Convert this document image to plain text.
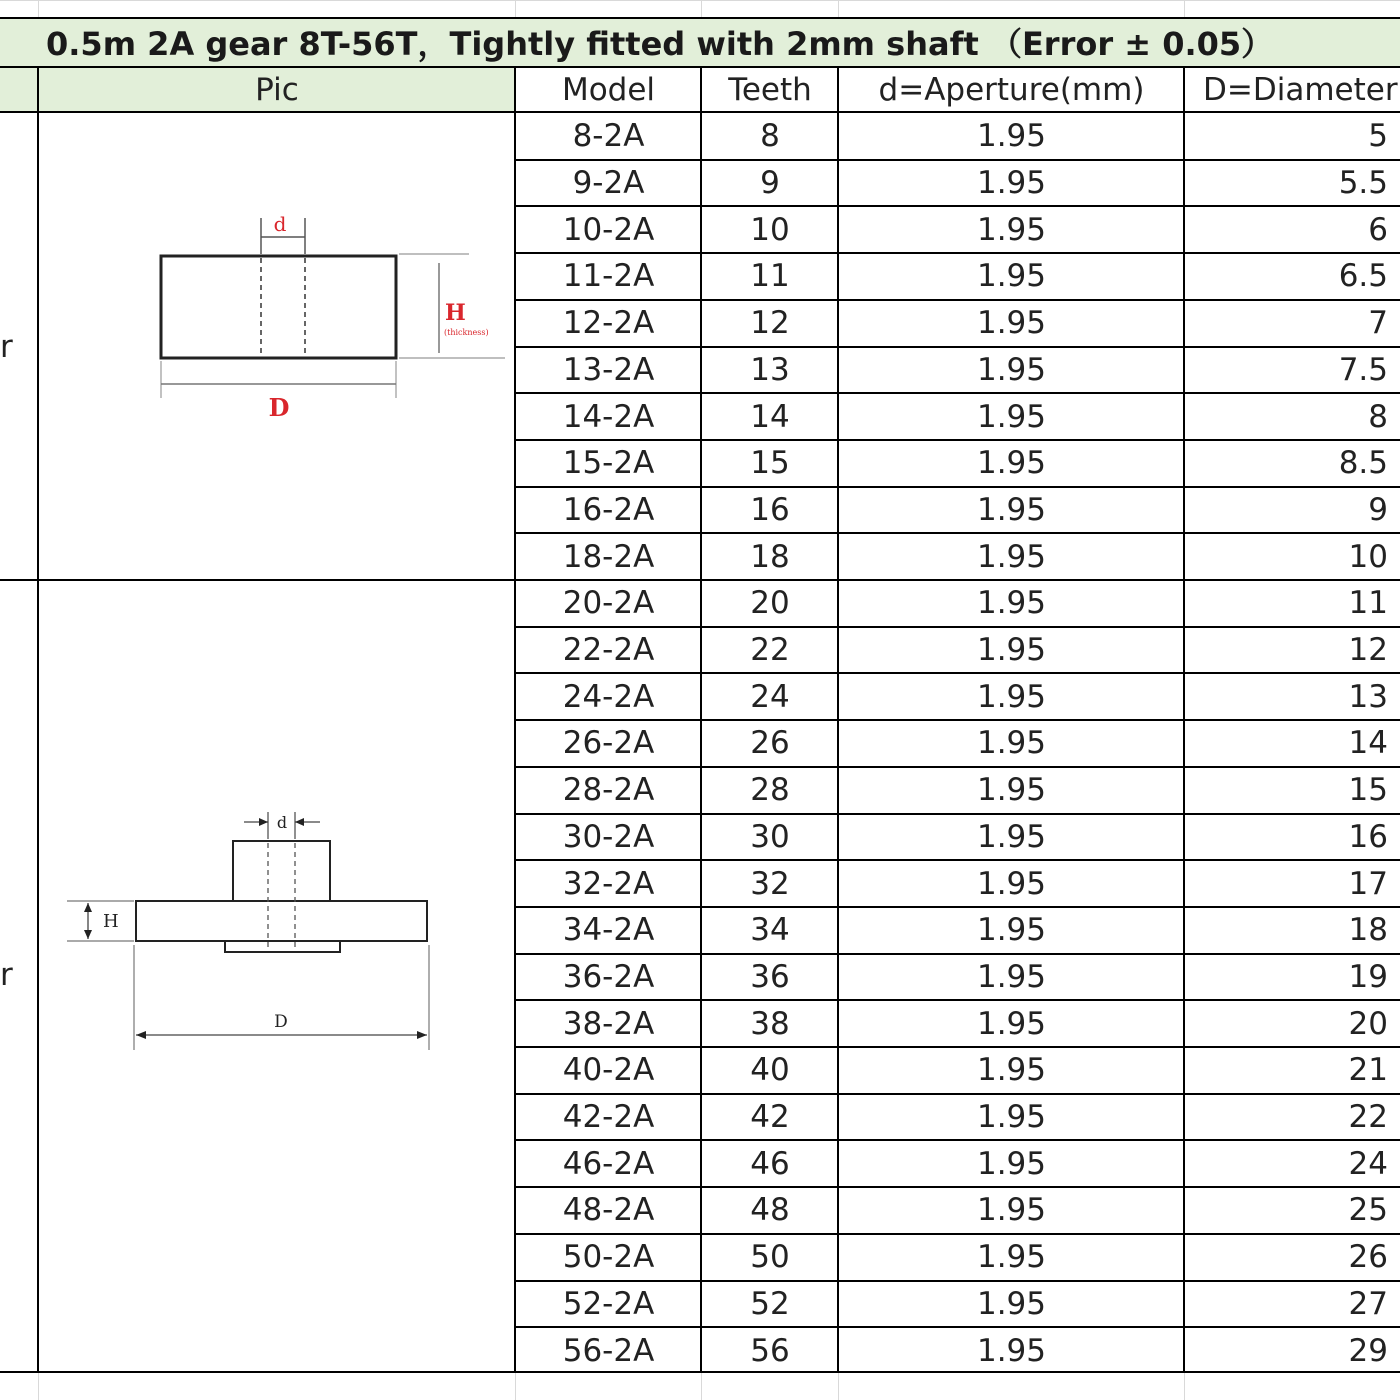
0.5m 2A gear 8T-56T，Tightly fitted with 2mm shaft （Error ± 0.05）
Pic	Model	Teeth	d=Aperture(mm)	D=Diameter
r
r
d
H
(thickness)
D
d
H
D
8-2A	8	1.95	5
9-2A	9	1.95	5.5
10-2A	10	1.95	6
11-2A	11	1.95	6.5
12-2A	12	1.95	7
13-2A	13	1.95	7.5
14-2A	14	1.95	8
15-2A	15	1.95	8.5
16-2A	16	1.95	9
18-2A	18	1.95	10
20-2A	20	1.95	11
22-2A	22	1.95	12
24-2A	24	1.95	13
26-2A	26	1.95	14
28-2A	28	1.95	15
30-2A	30	1.95	16
32-2A	32	1.95	17
34-2A	34	1.95	18
36-2A	36	1.95	19
38-2A	38	1.95	20
40-2A	40	1.95	21
42-2A	42	1.95	22
46-2A	46	1.95	24
48-2A	48	1.95	25
50-2A	50	1.95	26
52-2A	52	1.95	27
56-2A	56	1.95	29
